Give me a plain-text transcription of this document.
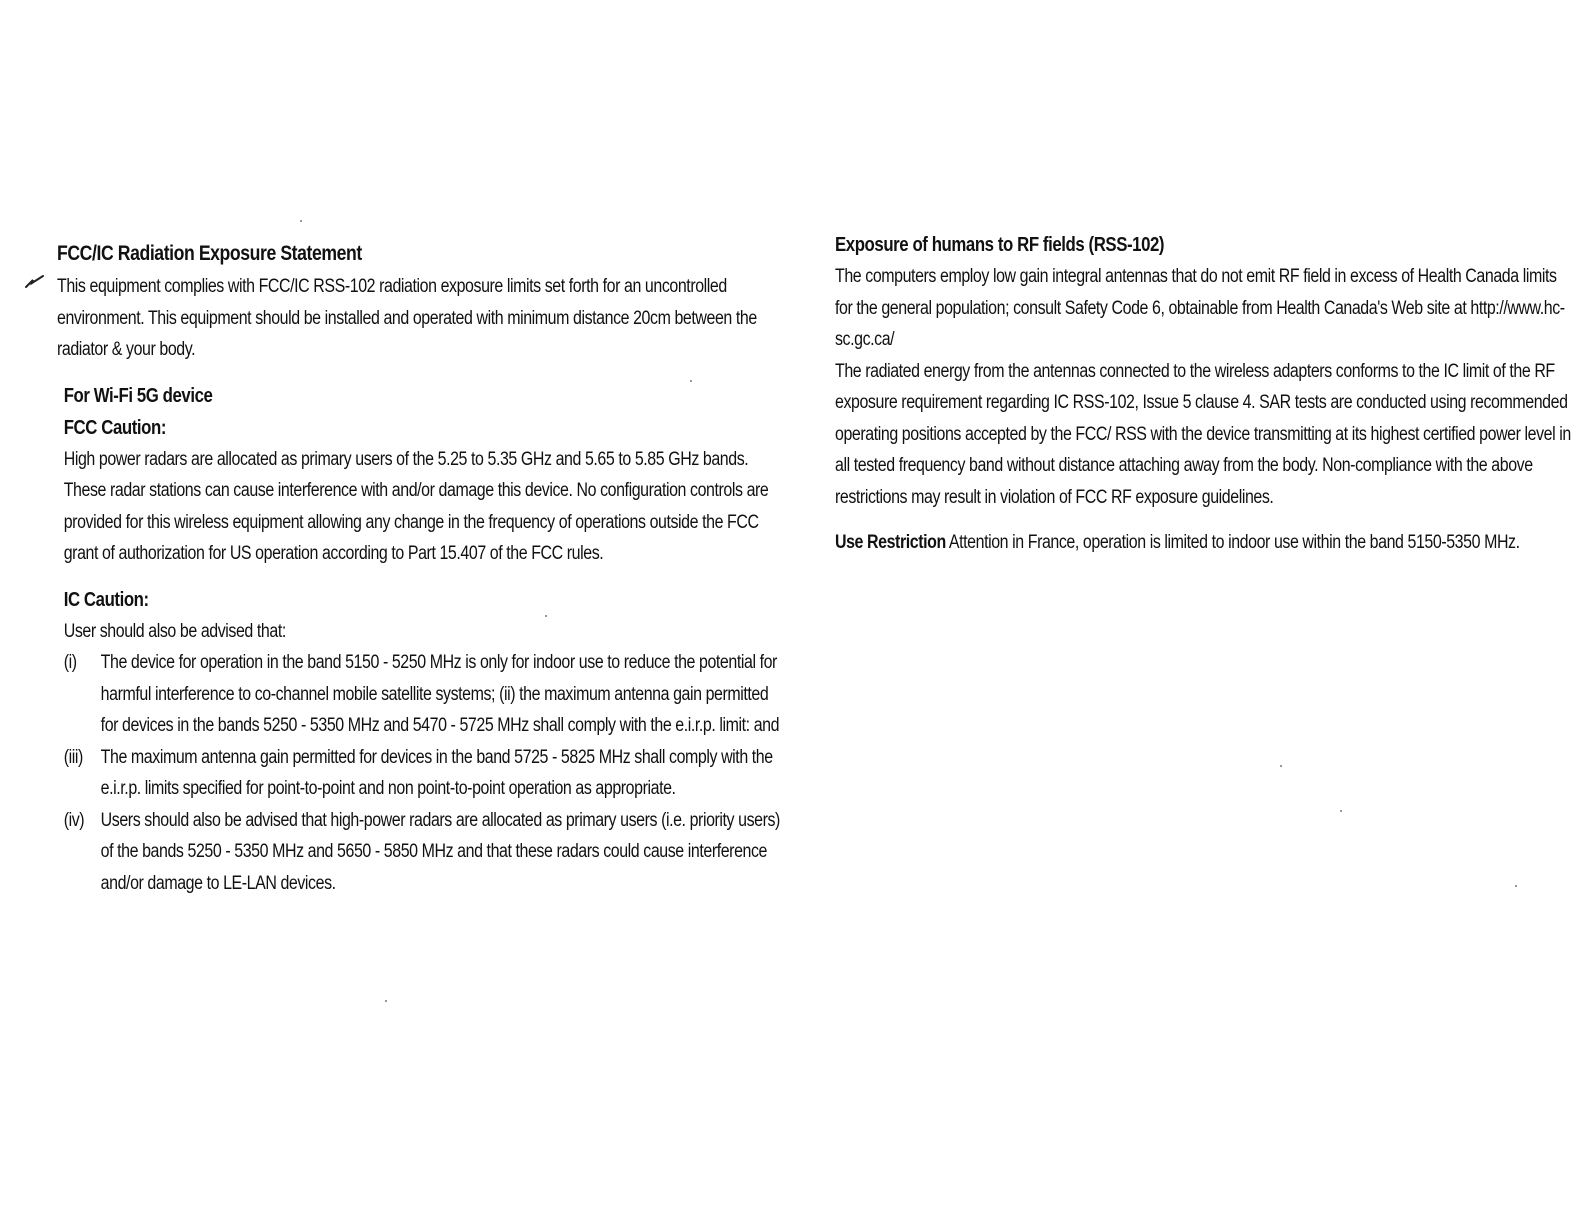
FCC/IC Radiation Exposure Statement

This equipment complies with FCC/IC RSS-102 radiation exposure limits set forth for an uncontrolled environment. This equipment should be installed and operated with minimum distance 20cm between the radiator & your body.

For Wi-Fi 5G device
FCC Caution:

High power radars are allocated as primary users of the 5.25 to 5.35 GHz and 5.65 to 5.85 GHz bands. These radar stations can cause interference with and/or damage this device. No configuration controls are provided for this wireless equipment allowing any change in the frequency of operations outside the FCC grant of authorization for US operation according to Part 15.407 of the FCC rules.

IC Caution:

User should also be advised that:

(i)	The device for operation in the band 5150 - 5250 MHz is only for indoor use to reduce the potential for harmful interference to co-channel mobile satellite systems; (ii) the maximum antenna gain permitted for devices in the bands 5250 - 5350 MHz and 5470 - 5725 MHz shall comply with the e.i.r.p. limit: and
(iii) The maximum antenna gain permitted for devices in the band 5725 - 5825 MHz shall comply with the e.i.r.p. limits specified for point-to-point and non point-to-point operation as appropriate.
(iv) Users should also be advised that high-power radars are allocated as primary users (i.e. priority users) of the bands 5250 - 5350 MHz and 5650 - 5850 MHz and that these radars could cause interference and/or damage to LE-LAN devices.
Exposure of humans to RF fields (RSS-102)

The computers employ low gain integral antennas that do not emit RF field in excess of Health Canada limits for the general population; consult Safety Code 6, obtainable from Health Canada's Web site at http://www.hc-sc.gc.ca/

The radiated energy from the antennas connected to the wireless adapters conforms to the IC limit of the RF exposure requirement regarding IC RSS-102, Issue 5 clause 4. SAR tests are conducted using recommended operating positions accepted by the FCC/ RSS with the device transmitting at its highest certified power level in all tested frequency band without distance attaching away from the body. Non-compliance with the above restrictions may result in violation of FCC RF exposure guidelines.

Use Restriction Attention in France, operation is limited to indoor use within the band 5150-5350 MHz.
